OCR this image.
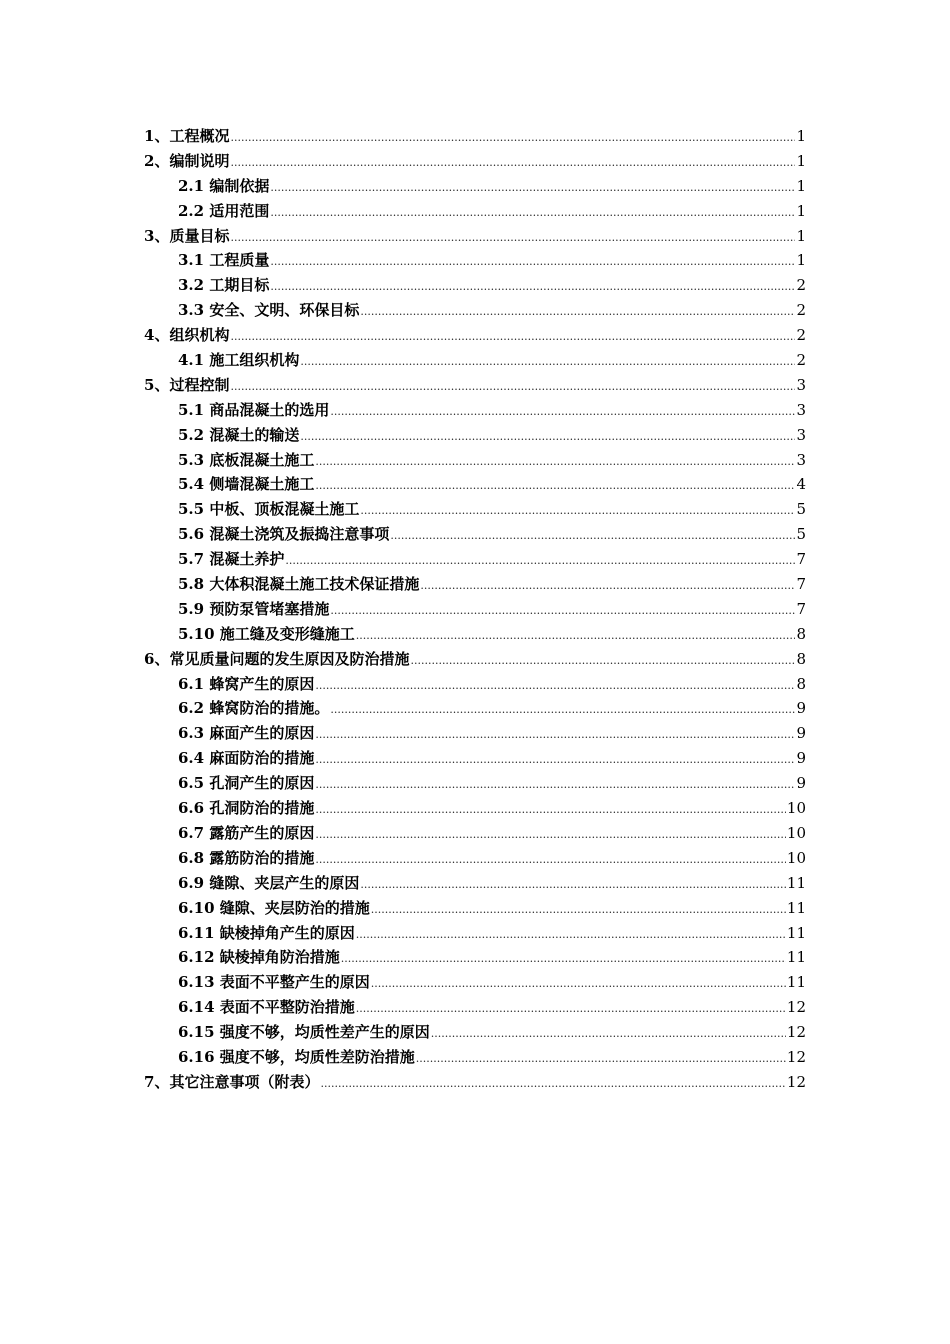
1、工程概况 .....	1
2、编制说明 .....	1
2.1 编制依据 .....	1
2.2 适用范围 .....	1
3、质量目标 .....	1
3.1 工程质量 .....	1
3.2 工期目标 .....	2
3.3 安全、文明、环保目标 .....	2
4、组织机构 .....	2
4.1 施工组织机构 .....	2
5、过程控制 .....	3
5.1 商品混凝土的选用 .....	3
5.2 混凝土的输送 .....	3
5.3 底板混凝土施工 .....	3
5.4 侧墙混凝土施工 .....	4
5.5 中板、顶板混凝土施工 .....	5
5.6 混凝土浇筑及振捣注意事项 .....	5
5.7 混凝土养护 .....	7
5.8 大体积混凝土施工技术保证措施 .....	7
5.9 预防泵管堵塞措施 .....	7
5.10 施工缝及变形缝施工 .....	8
6、常见质量问题的发生原因及防治措施 .....	8
6.1 蜂窝产生的原因 .....	8
6.2 蜂窝防治的措施。 .....	9
6.3 麻面产生的原因 .....	9
6.4 麻面防治的措施 .....	9
6.5 孔洞产生的原因 .....	9
6.6 孔洞防治的措施 .....	10
6.7 露筋产生的原因 .....	10
6.8 露筋防治的措施 .....	10
6.9 缝隙、夹层产生的原因 .....	11
6.10 缝隙、夹层防治的措施 .....	11
6.11 缺棱掉角产生的原因 .....	11
6.12 缺棱掉角防治措施 .....	11
6.13 表面不平整产生的原因 .....	11
6.14 表面不平整防治措施 .....	12
6.15 强度不够，均质性差产生的原因 .....	12
6.16 强度不够，均质性差防治措施 .....	12
7、其它注意事项（附表） .....	12
